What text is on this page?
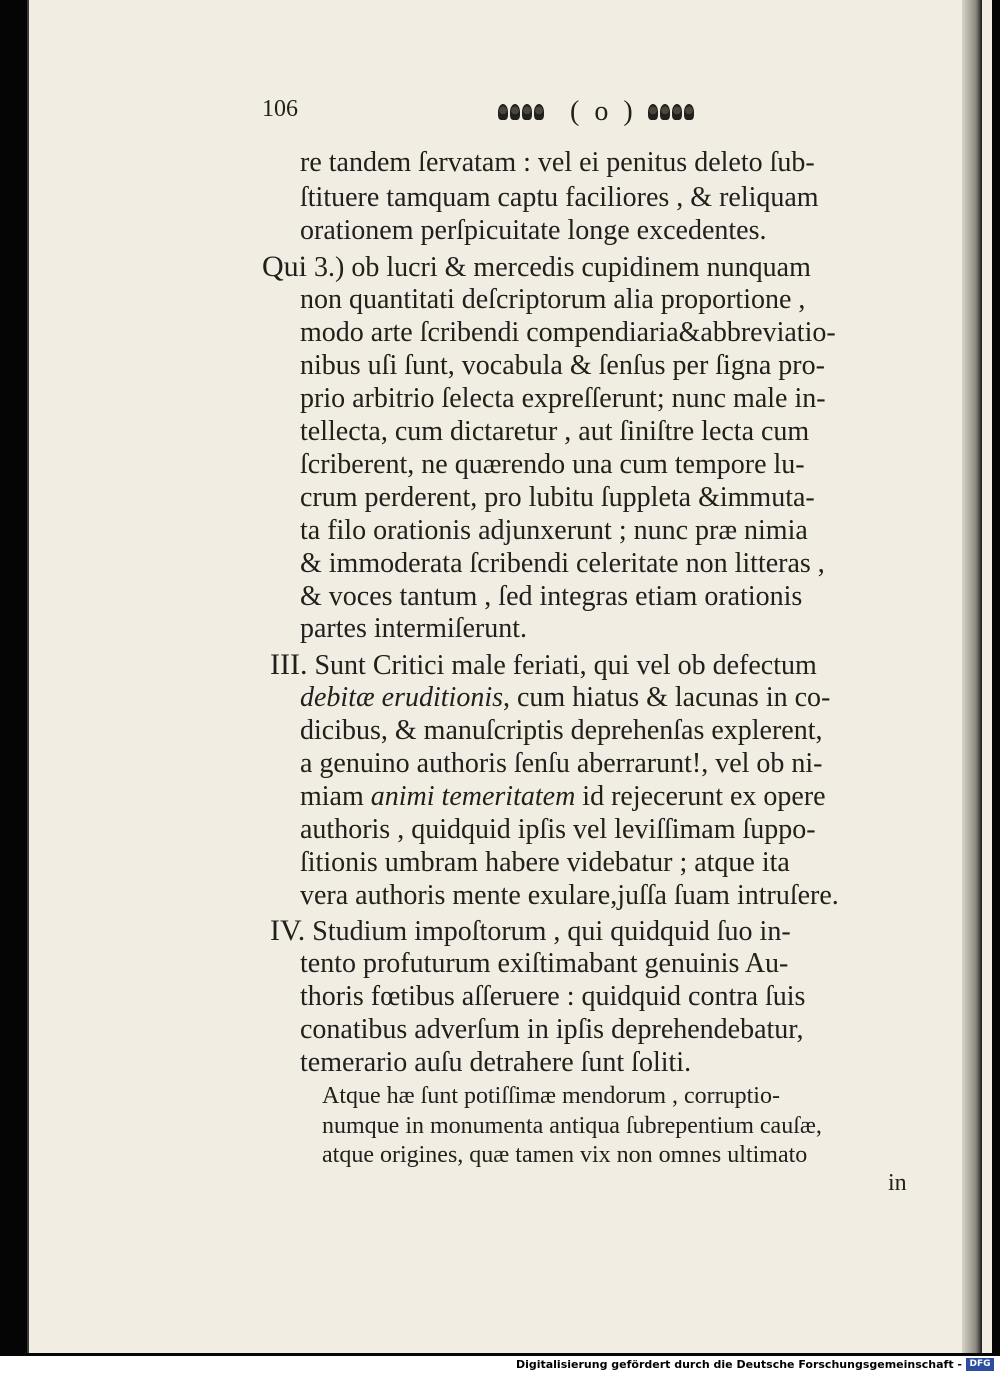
106	( o )
re tandem ſervatam : vel ei penitus deleto ſub-
ſtituere tamquam captu faciliores , & reliquam
orationem perſpicuitate longe excedentes.
Qui 3.) ob lucri & mercedis cupidinem nunquam
non quantitati deſcriptorum alia proportione ,
modo arte ſcribendi compendiaria&abbreviatio-
nibus uſi ſunt, vocabula & ſenſus per ſigna pro-
prio arbitrio ſelecta expreſſerunt; nunc male in-
tellecta, cum dictaretur , aut ſiniſtre lecta cum
ſcriberent, ne quærendo una cum tempore lu-
crum perderent, pro lubitu ſuppleta &immuta-
ta filo orationis adjunxerunt ; nunc præ nimia
& immoderata ſcribendi celeritate non litteras ,
& voces tantum , ſed integras etiam orationis
partes intermiſerunt.
III. Sunt Critici male feriati, qui vel ob defectum
debitæ eruditionis, cum hiatus & lacunas in co-
dicibus, & manuſcriptis deprehenſas explerent,
a genuino authoris ſenſu aberrarunt!, vel ob ni-
miam animi temeritatem id rejecerunt ex opere
authoris , quidquid ipſis vel leviſſimam ſuppo-
ſitionis umbram habere videbatur ; atque ita
vera authoris mente exulare,juſſa ſuam intruſere.
IV. Studium impoſtorum , qui quidquid ſuo in-
tento profuturum exiſtimabant genuinis Au-
thoris fœtibus aſſeruere : quidquid contra ſuis
conatibus adverſum in ipſis deprehendebatur,
temerario auſu detrahere ſunt ſoliti.
Atque hæ ſunt potiſſimæ mendorum , corruptio-
numque in monumenta antiqua ſubrepentium cauſæ,
atque origines, quæ tamen vix non omnes ultimato
in
Digitalisierung gefördert durch die Deutsche Forschungsgemeinschaft - DFG
